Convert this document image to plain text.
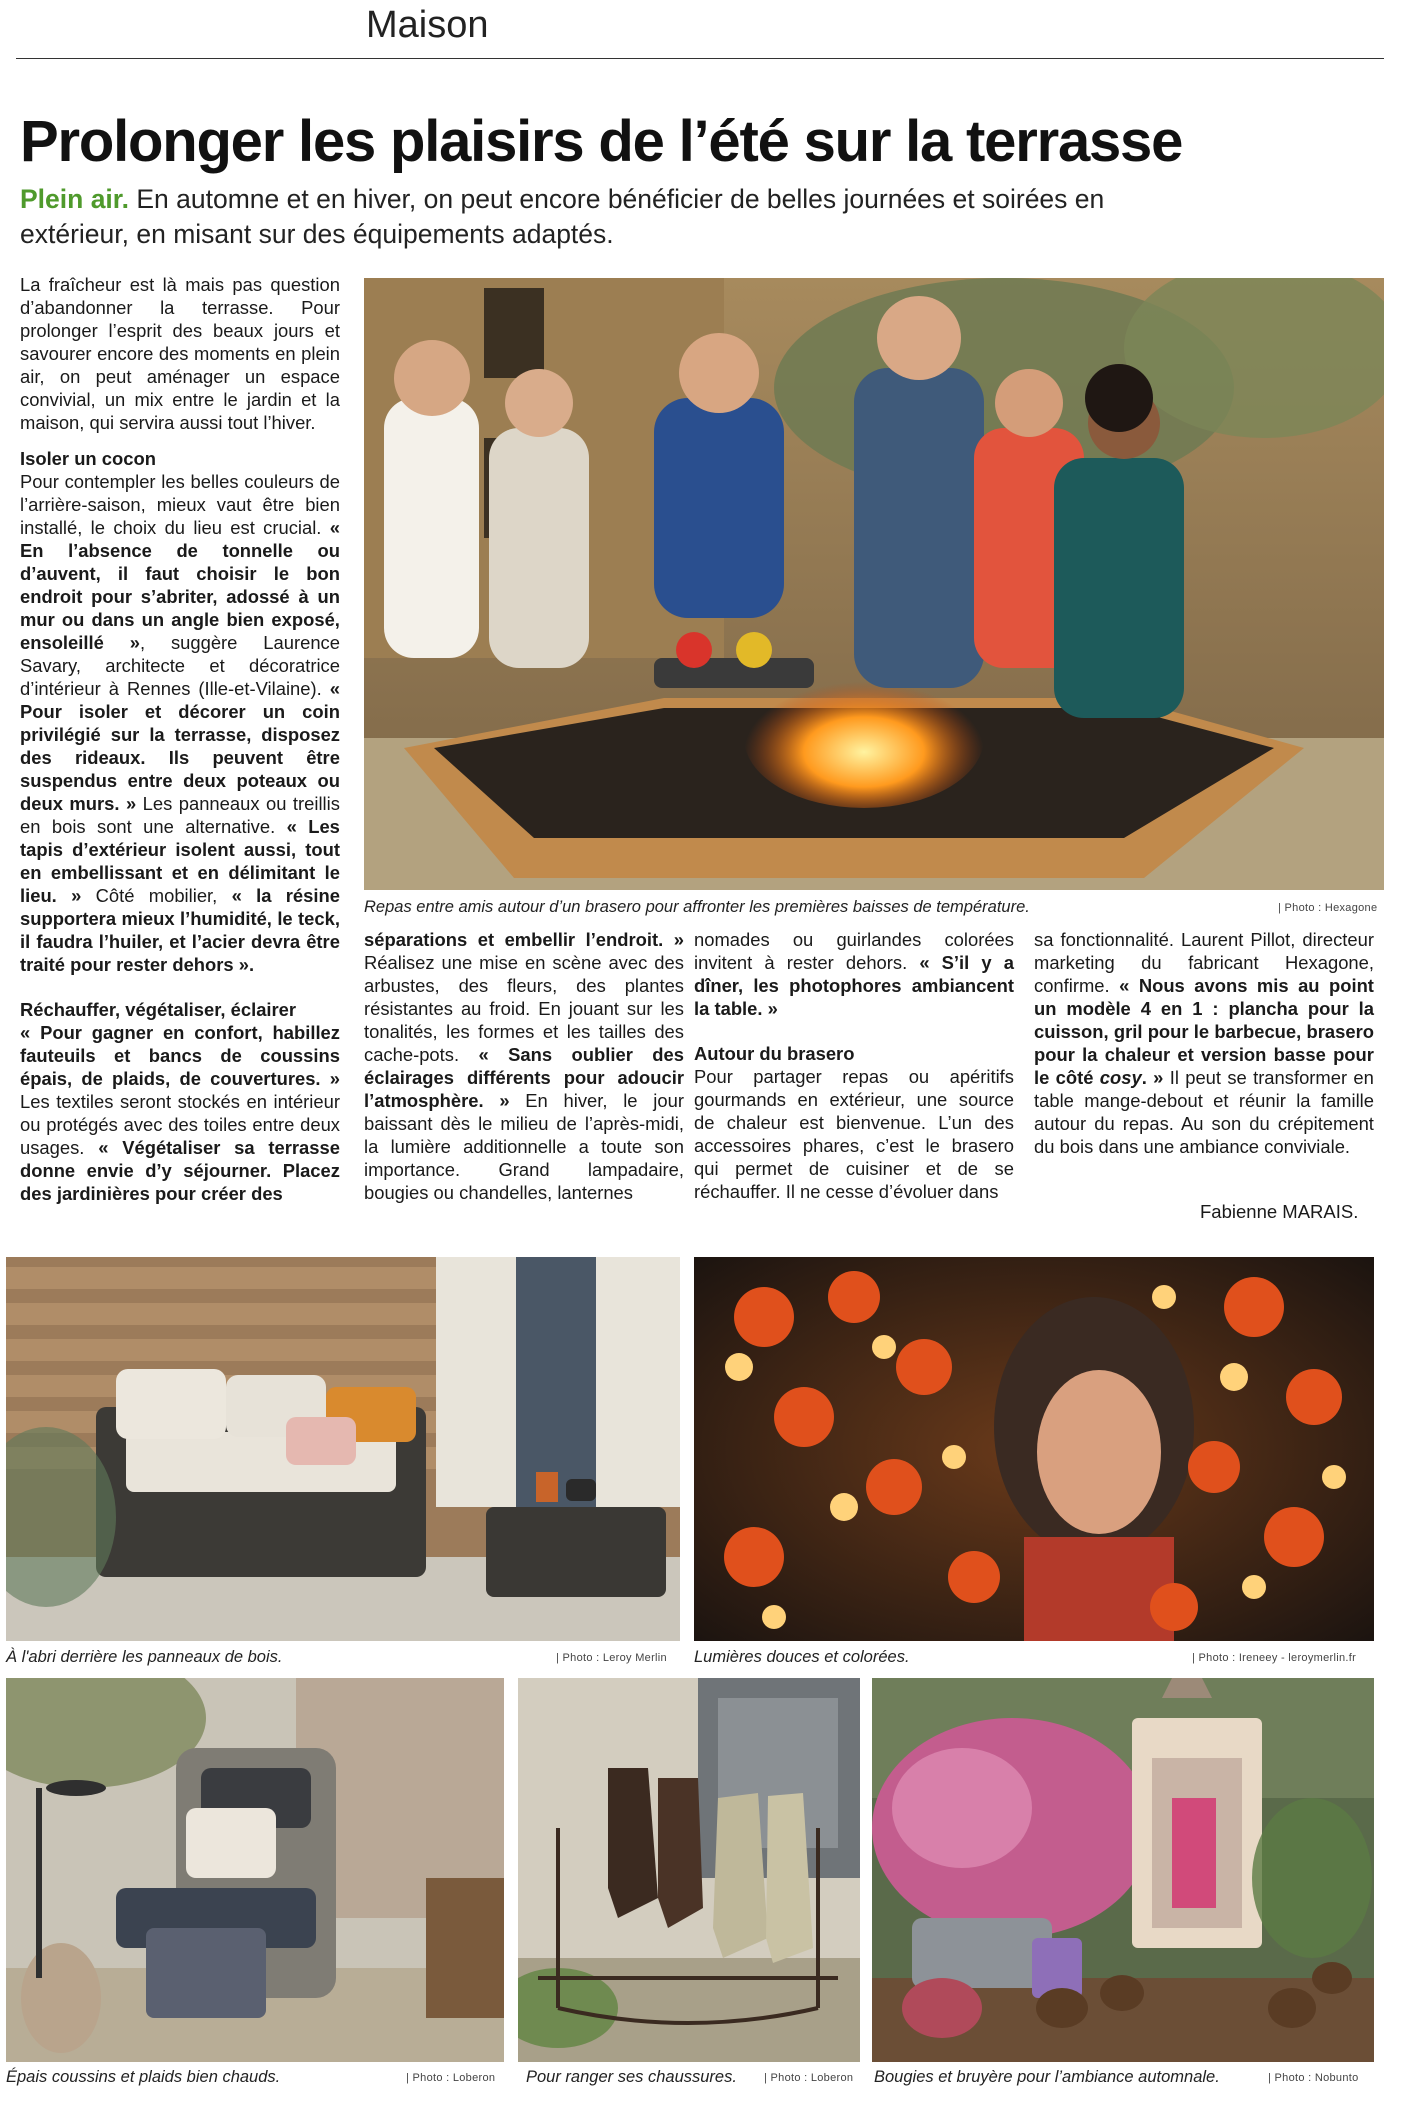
Maison
Prolonger les plaisirs de l’été sur la terrasse
Plein air. En automne et en hiver, on peut encore bénéficier de belles journées et soirées en extérieur, en misant sur des équipements adaptés.
Repas entre amis autour d’un brasero pour affronter les premières baisses de température.	| Photo : Hexagone

La fraîcheur est là mais pas question d’abandonner la terrasse. Pour prolonger l’esprit des beaux jours et savourer encore des moments en plein air, on peut aménager un espace convivial, un mix entre le jardin et la maison, qui servira aussi tout l’hiver.

Isoler un cocon

Pour contempler les belles couleurs de l’arrière-saison, mieux vaut être bien installé, le choix du lieu est crucial. « En l’absence de tonnelle ou d’auvent, il faut choisir le bon endroit pour s’abriter, adossé à un mur ou dans un angle bien exposé, ensoleillé », suggère Laurence Savary, architecte et décoratrice d’intérieur à Rennes (Ille-et-Vilaine). « Pour isoler et décorer un coin privilégié sur la terrasse, disposez des rideaux. Ils peuvent être suspendus entre deux poteaux ou deux murs. » Les panneaux ou treillis en bois sont une alternative. « Les tapis d’extérieur isolent aussi, tout en embellissant et en délimitant le lieu. » Côté mobilier, « la résine supportera mieux l’humidité, le teck, il faudra l’huiler, et l’acier devra être traité pour rester dehors ».

Réchauffer, végétaliser, éclairer

« Pour gagner en confort, habillez fauteuils et bancs de coussins épais, de plaids, de couvertures. » Les textiles seront stockés en intérieur ou protégés avec des toiles entre deux usages. « Végétaliser sa terrasse donne envie d’y séjourner. Placez des jardinières pour créer des

Fabienne MARAIS.
À l'abri derrière les panneaux de bois.	| Photo : Leroy Merlin Lumières douces et colorées.	| Photo : Ireneey - leroymerlin.fr
Épais coussins et plaids bien chauds.	| Photo : Loberon Pour ranger ses chaussures. | Photo : Loberon Bougies et bruyère pour l’ambiance automnale.	| Photo : Nobunto

séparations et embellir l’endroit. » Réalisez une mise en scène avec des arbustes, des fleurs, des plantes résistantes au froid. En jouant sur les tonalités, les formes et les tailles des cache-pots. « Sans oublier des éclairages différents pour adoucir l’atmosphère. » En hiver, le jour baissant dès le milieu de l’après-midi, la lumière additionnelle a toute son importance. Grand lampadaire, bougies ou chandelles, lanternes

nomades ou guirlandes colorées invitent à rester dehors. « S’il y a dîner, les photophores ambiancent la table. »

Autour du brasero

Pour partager repas ou apéritifs gourmands en extérieur, une source de chaleur est bienvenue. L’un des accessoires phares, c’est le brasero qui permet de cuisiner et de se réchauffer. Il ne cesse d’évoluer dans

sa fonctionnalité. Laurent Pillot, directeur marketing du fabricant Hexagone, confirme. « Nous avons mis au point un modèle 4 en 1 : plancha pour la cuisson, gril pour le barbecue, brasero pour la chaleur et version basse pour le côté cosy. » Il peut se transformer en table mange-debout et réunir la famille autour du repas. Au son du crépitement du bois dans une ambiance conviviale.
